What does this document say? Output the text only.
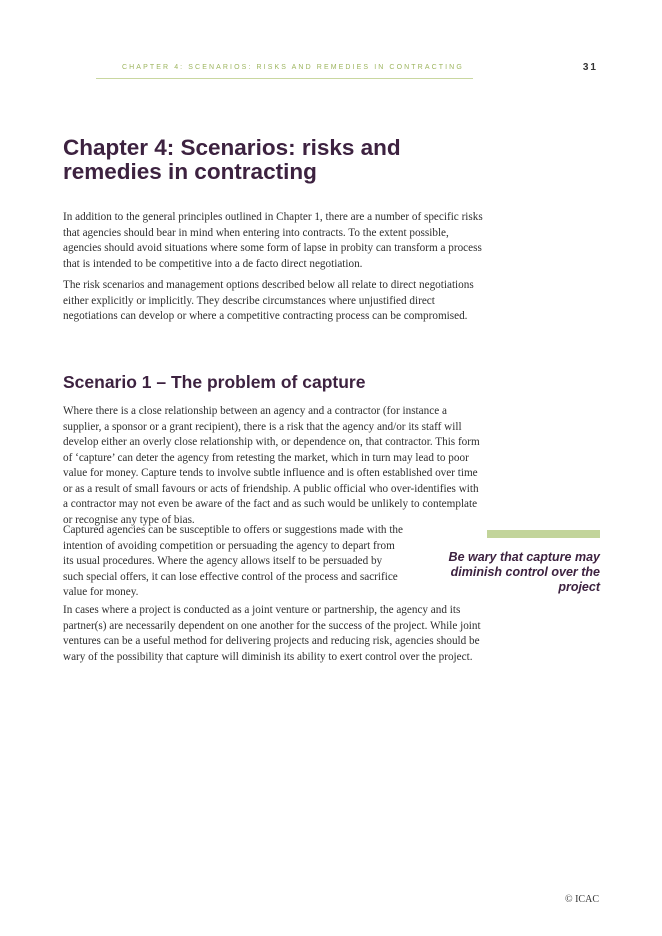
CHAPTER 4: SCENARIOS: RISKS AND REMEDIES IN CONTRACTING	31
Chapter 4: Scenarios: risks and remedies in contracting

In addition to the general principles outlined in Chapter 1, there are a number of specific risks that agencies should bear in mind when entering into contracts. To the extent possible, agencies should avoid situations where some form of lapse in probity can transform a process that is intended to be competitive into a de facto direct negotiation.

The risk scenarios and management options described below all relate to direct negotiations either explicitly or implicitly. They describe circumstances where unjustified direct negotiations can develop or where a competitive contracting process can be compromised.

Scenario 1 – The problem of capture

Where there is a close relationship between an agency and a contractor (for instance a supplier, a sponsor or a grant recipient), there is a risk that the agency and/or its staff will develop either an overly close relationship with, or dependence on, that contractor. This form of ‘capture’ can deter the agency from retesting the market, which in turn may lead to poor value for money. Capture tends to involve subtle influence and is often established over time or as a result of small favours or acts of friendship. A public official who over-identifies with a contractor may not even be aware of the fact and as such would be unlikely to contemplate or recognise any type of bias.

Captured agencies can be susceptible to offers or suggestions made with the intention of avoiding competition or persuading the agency to depart from its usual procedures. Where the agency allows itself to be persuaded by such special offers, it can lose effective control of the process and sacrifice value for money.

In cases where a project is conducted as a joint venture or partnership, the agency and its partner(s) are necessarily dependent on one another for the success of the project. While joint ventures can be a useful method for delivering projects and reducing risk, agencies should be wary of the possibility that capture will diminish its ability to exert control over the project.

Be wary that capture may diminish control over the project

© ICAC
